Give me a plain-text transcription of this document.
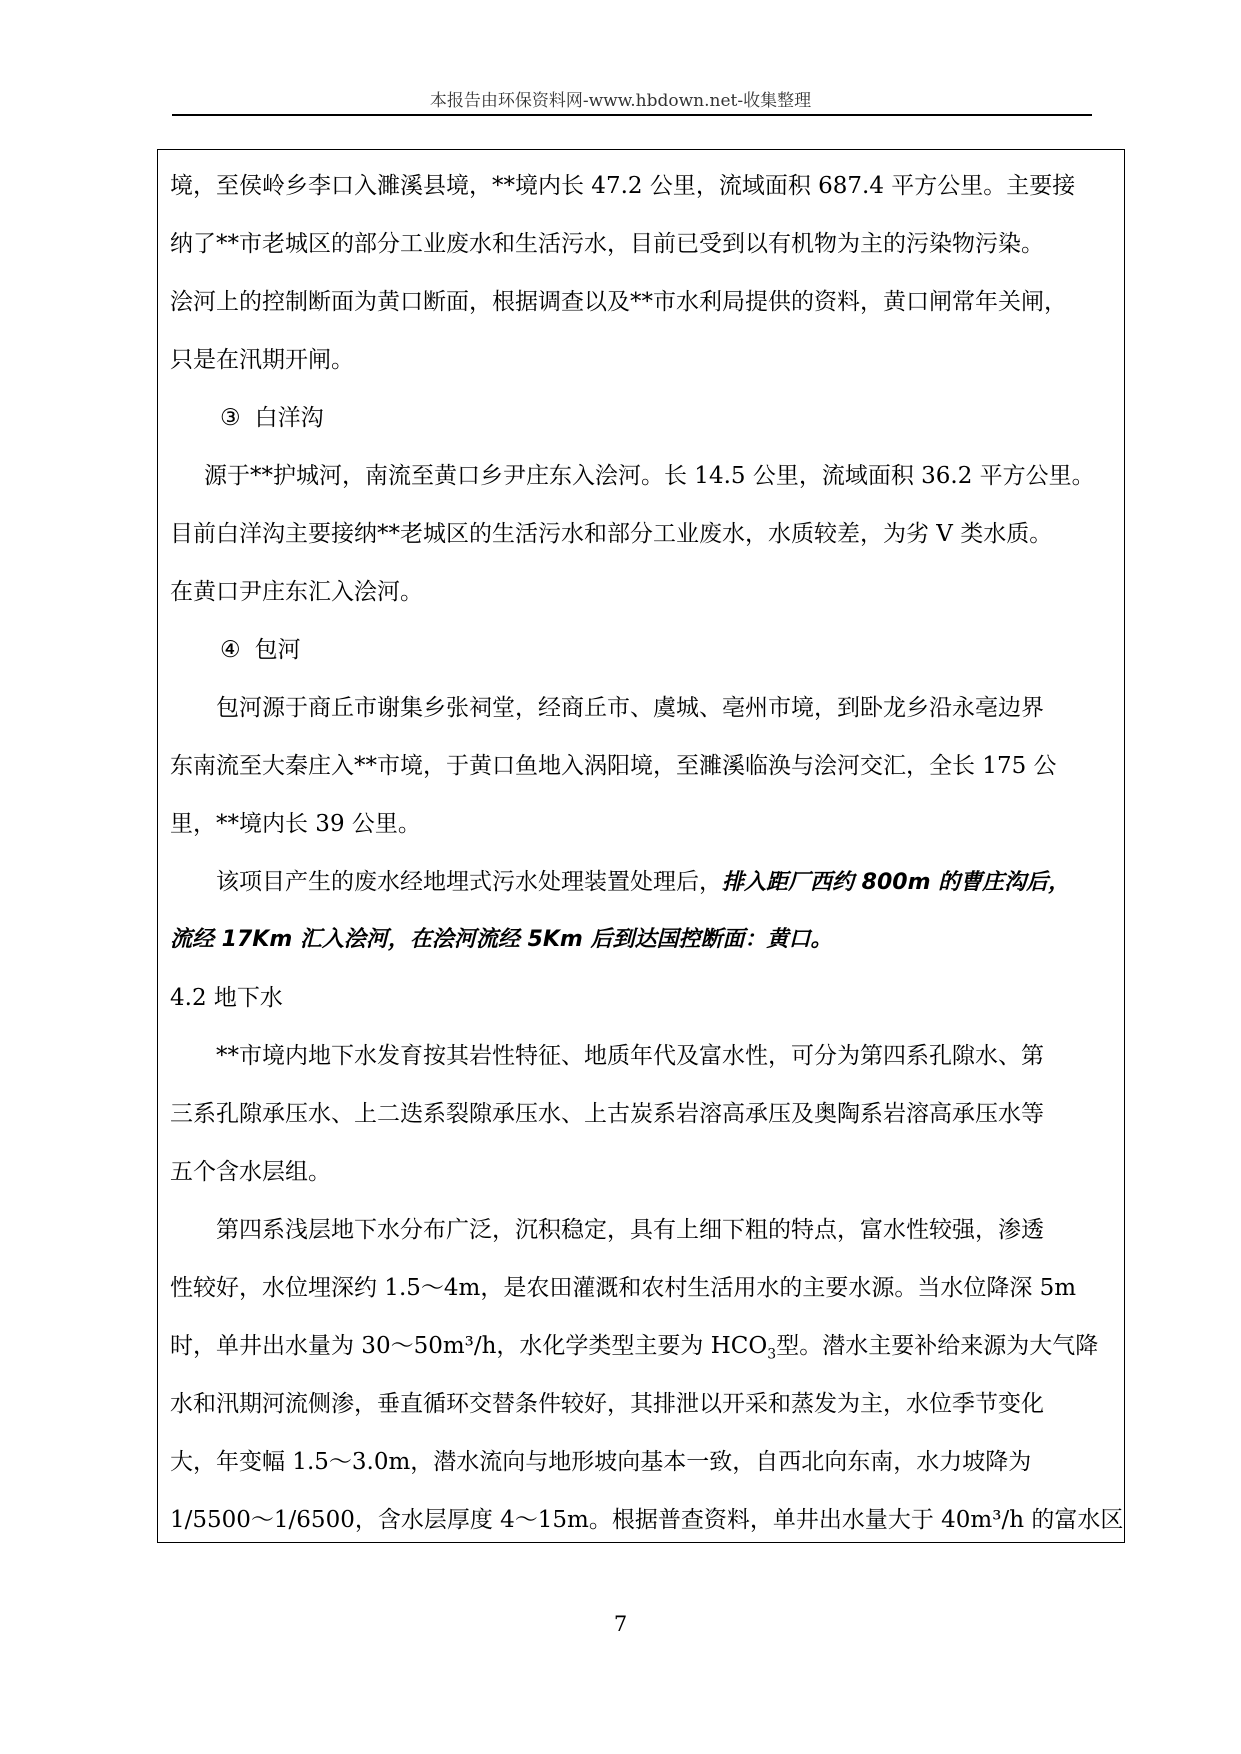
本报告由环保资料网-www.hbdown.net-收集整理
境，至侯岭乡李口入濉溪县境，**境内长 47.2 公里，流域面积 687.4 平方公里。主要接
纳了**市老城区的部分工业废水和生活污水，目前已受到以有机物为主的污染物污染。
浍河上的控制断面为黄口断面，根据调查以及**市水利局提供的资料，黄口闸常年关闸，
只是在汛期开闸。
③ 白洋沟
源于**护城河，南流至黄口乡尹庄东入浍河。长 14.5 公里，流域面积 36.2 平方公里。
目前白洋沟主要接纳**老城区的生活污水和部分工业废水，水质较差，为劣 V 类水质。
在黄口尹庄东汇入浍河。
④ 包河
包河源于商丘市谢集乡张祠堂，经商丘市、虞城、亳州市境，到卧龙乡沿永亳边界
东南流至大秦庄入**市境，于黄口鱼地入涡阳境，至濉溪临涣与浍河交汇，全长 175 公
里，**境内长 39 公里。
该项目产生的废水经地埋式污水处理装置处理后，排入距厂西约 800m 的曹庄沟后，
流经 17Km 汇入浍河，在浍河流经 5Km 后到达国控断面：黄口。
4.2 地下水
**市境内地下水发育按其岩性特征、地质年代及富水性，可分为第四系孔隙水、第
三系孔隙承压水、上二迭系裂隙承压水、上古炭系岩溶高承压及奥陶系岩溶高承压水等
五个含水层组。
第四系浅层地下水分布广泛，沉积稳定，具有上细下粗的特点，富水性较强，渗透
性较好，水位埋深约 1.5～4m，是农田灌溉和农村生活用水的主要水源。当水位降深 5m
时，单井出水量为 30～50m³/h，水化学类型主要为 $HCO_3$型。潜水主要补给来源为大气降
水和汛期河流侧渗，垂直循环交替条件较好，其排泄以开采和蒸发为主，水位季节变化
大，年变幅 1.5～3.0m，潜水流向与地形坡向基本一致，自西北向东南，水力坡降为
1/5500～1/6500，含水层厚度 4～15m。根据普查资料，单井出水量大于 40m³/h 的富水区
7
